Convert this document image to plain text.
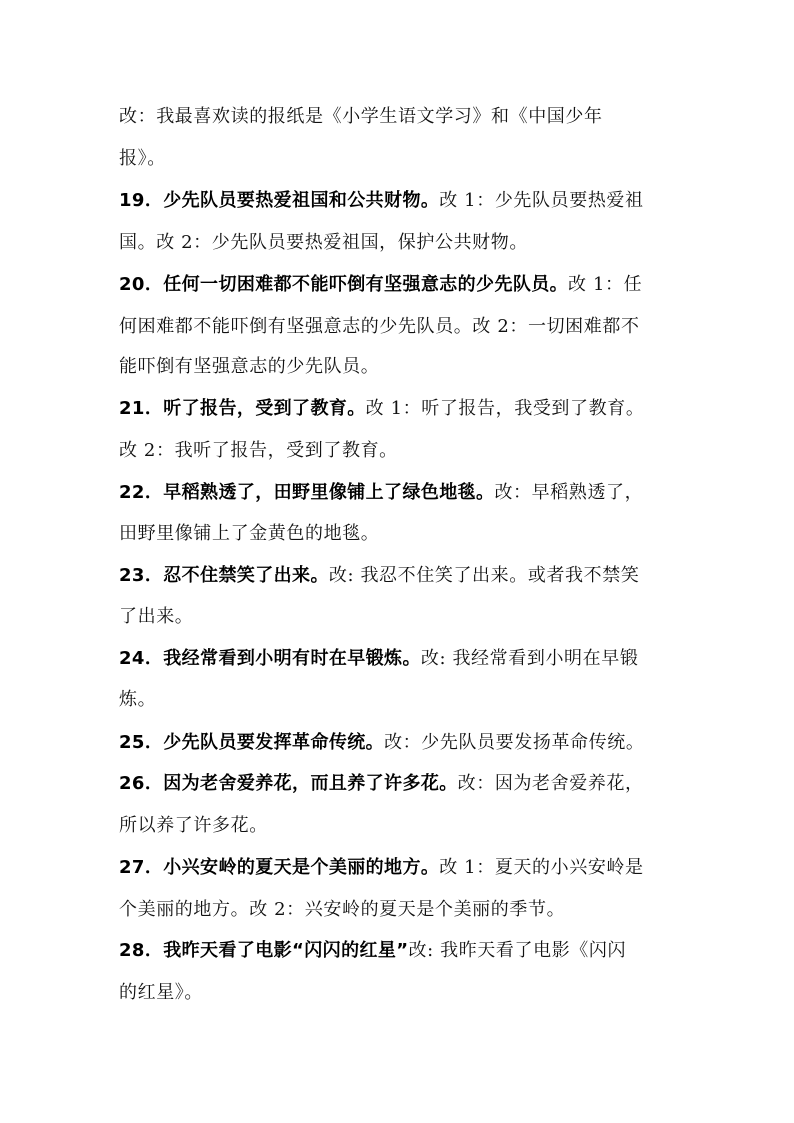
改：我最喜欢读的报纸是《小学生语文学习》和《中国少年
报》。
19．少先队员要热爱祖国和公共财物。改 1：少先队员要热爱祖
国。改 2：少先队员要热爱祖国，保护公共财物。
20．任何一切困难都不能吓倒有坚强意志的少先队员。改 1：任
何困难都不能吓倒有坚强意志的少先队员。改 2：一切困难都不
能吓倒有坚强意志的少先队员。
21．听了报告，受到了教育。改 1：听了报告，我受到了教育。
改 2：我听了报告，受到了教育。
22．早稻熟透了，田野里像铺上了绿色地毯。改：早稻熟透了，
田野里像铺上了金黄色的地毯。
23．忍不住禁笑了出来。改: 我忍不住笑了出来。或者我不禁笑
了出来。
24．我经常看到小明有时在早锻炼。改: 我经常看到小明在早锻
炼。
25．少先队员要发挥革命传统。改：少先队员要发扬革命传统。
26．因为老舍爱养花，而且养了许多花。改：因为老舍爱养花，
所以养了许多花。
27．小兴安岭的夏天是个美丽的地方。改 1：夏天的小兴安岭是
个美丽的地方。改 2：兴安岭的夏天是个美丽的季节。
28．我昨天看了电影“闪闪的红星”改: 我昨天看了电影《闪闪
的红星》。
